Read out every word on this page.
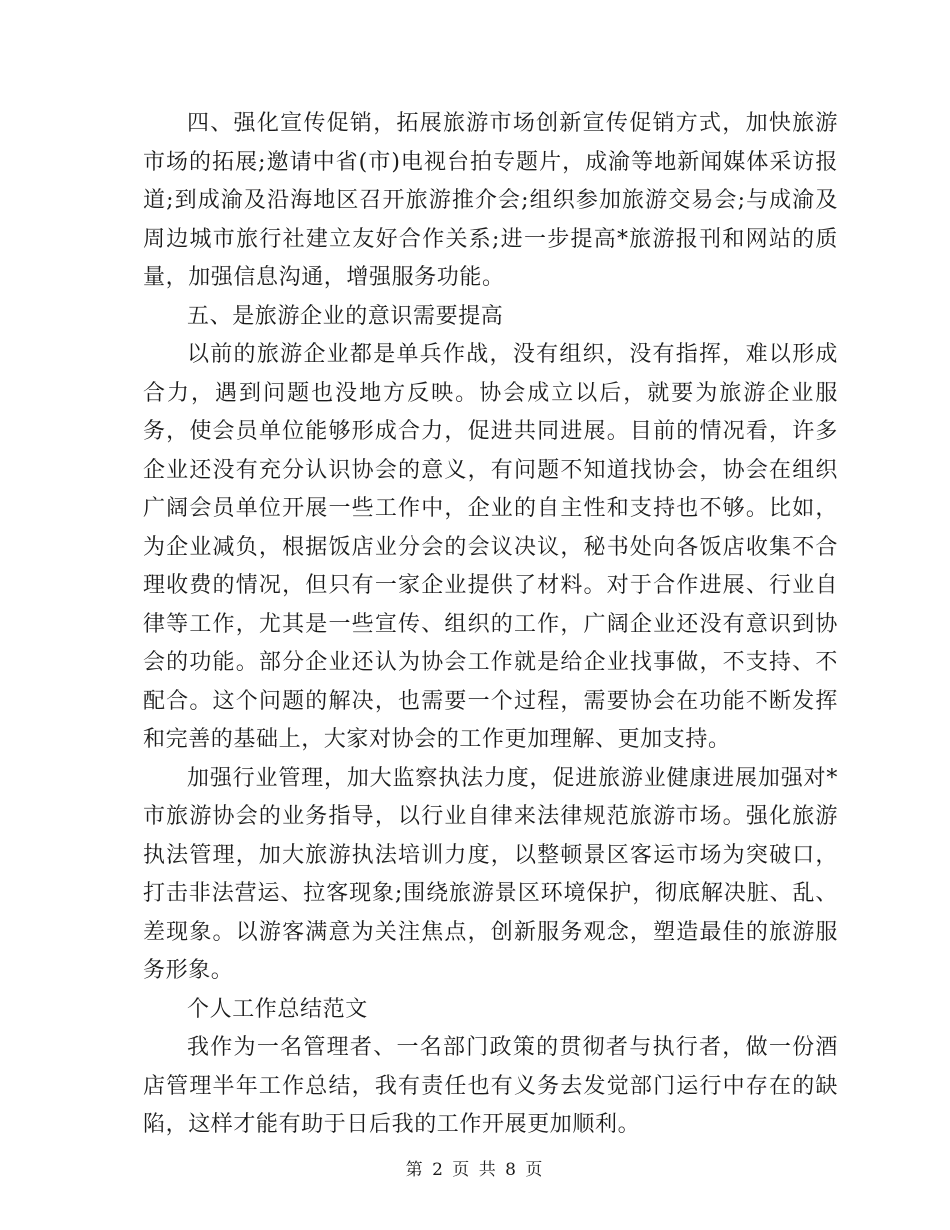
四、强化宣传促销，拓展旅游市场创新宣传促销方式，加快旅游市场的拓展;邀请中省(市)电视台拍专题片，成渝等地新闻媒体采访报道;到成渝及沿海地区召开旅游推介会;组织参加旅游交易会;与成渝及周边城市旅行社建立友好合作关系;进一步提高*旅游报刊和网站的质量，加强信息沟通，增强服务功能。

五、是旅游企业的意识需要提高

以前的旅游企业都是单兵作战，没有组织，没有指挥，难以形成合力，遇到问题也没地方反映。协会成立以后，就要为旅游企业服务，使会员单位能够形成合力，促进共同进展。目前的情况看，许多企业还没有充分认识协会的意义，有问题不知道找协会，协会在组织广阔会员单位开展一些工作中，企业的自主性和支持也不够。比如，为企业减负，根据饭店业分会的会议决议，秘书处向各饭店收集不合理收费的情况，但只有一家企业提供了材料。对于合作进展、行业自律等工作，尤其是一些宣传、组织的工作，广阔企业还没有意识到协会的功能。部分企业还认为协会工作就是给企业找事做，不支持、不配合。这个问题的解决，也需要一个过程，需要协会在功能不断发挥和完善的基础上，大家对协会的工作更加理解、更加支持。

加强行业管理，加大监察执法力度，促进旅游业健康进展加强对*市旅游协会的业务指导，以行业自律来法律规范旅游市场。强化旅游执法管理，加大旅游执法培训力度，以整顿景区客运市场为突破口，打击非法营运、拉客现象;围绕旅游景区环境保护，彻底解决脏、乱、差现象。以游客满意为关注焦点，创新服务观念，塑造最佳的旅游服务形象。

个人工作总结范文

我作为一名管理者、一名部门政策的贯彻者与执行者，做一份酒店管理半年工作总结，我有责任也有义务去发觉部门运行中存在的缺陷，这样才能有助于日后我的工作开展更加顺利。

第 2 页 共 8 页
